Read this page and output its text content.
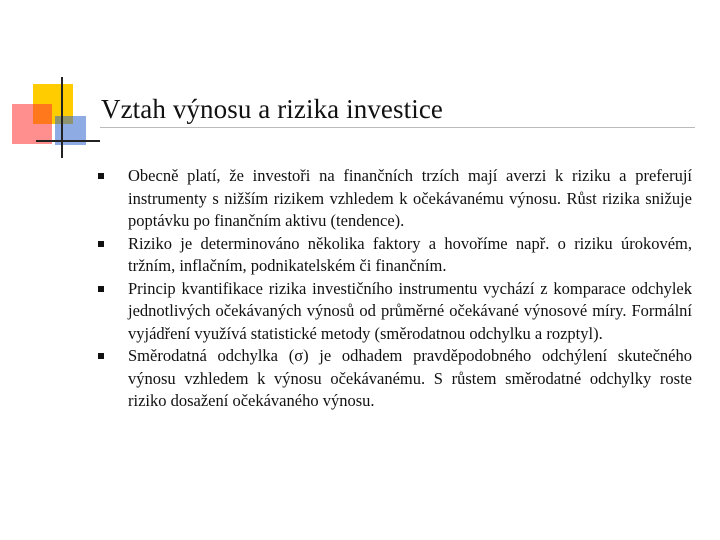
Vztah výnosu a rizika investice
Obecně platí, že investoři na finančních trzích mají averzi k riziku a preferují instrumenty s nižším rizikem vzhledem k očekávanému výnosu. Růst rizika snižuje poptávku po finančním aktivu (tendence).
Riziko je determinováno několika faktory a hovoříme např. o riziku úrokovém, tržním, inflačním, podnikatelském či finančním.
Princip kvantifikace rizika investičního instrumentu vychází z komparace odchylek jednotlivých očekávaných výnosů od průměrné očekávané výnosové míry. Formální vyjádření využívá statistické metody (směrodatnou odchylku a rozptyl).
Směrodatná odchylka (σ) je odhadem pravděpodobného odchýlení skutečného výnosu vzhledem k výnosu očekávanému. S růstem směrodatné odchylky roste riziko dosažení očekávaného výnosu.
